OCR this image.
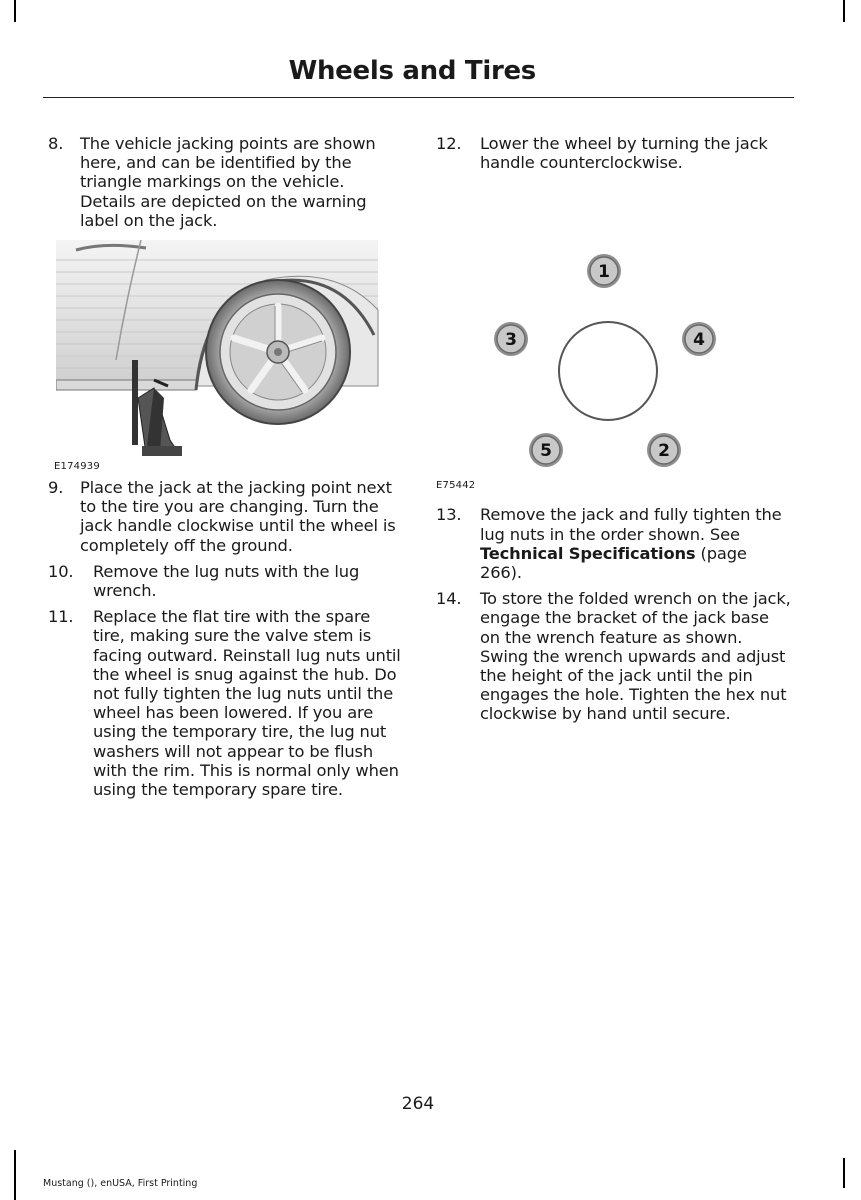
Wheels and Tires
8. The vehicle jacking points are shown here, and can be identified by the triangle markings on the vehicle. Details are depicted on the warning label on the jack.
E174939
9. Place the jack at the jacking point next to the tire you are changing. Turn the jack handle clockwise until the wheel is completely off the ground.
10. Remove the lug nuts with the lug wrench.
11. Replace the flat tire with the spare tire, making sure the valve stem is facing outward. Reinstall lug nuts until the wheel is snug against the hub. Do not fully tighten the lug nuts until the wheel has been lowered. If you are using the temporary tire, the lug nut washers will not appear to be flush with the rim. This is normal only when using the temporary spare tire.
12. Lower the wheel by turning the jack handle counterclockwise.
1
2
3	4
5
E75442
13. Remove the jack and fully tighten the lug nuts in the order shown. See Technical Specifications (page 266).
14. To store the folded wrench on the jack, engage the bracket of the jack base on the wrench feature as shown. Swing the wrench upwards and adjust the height of the jack until the pin engages the hole. Tighten the hex nut clockwise by hand until secure.
264
Mustang (), enUSA, First Printing
